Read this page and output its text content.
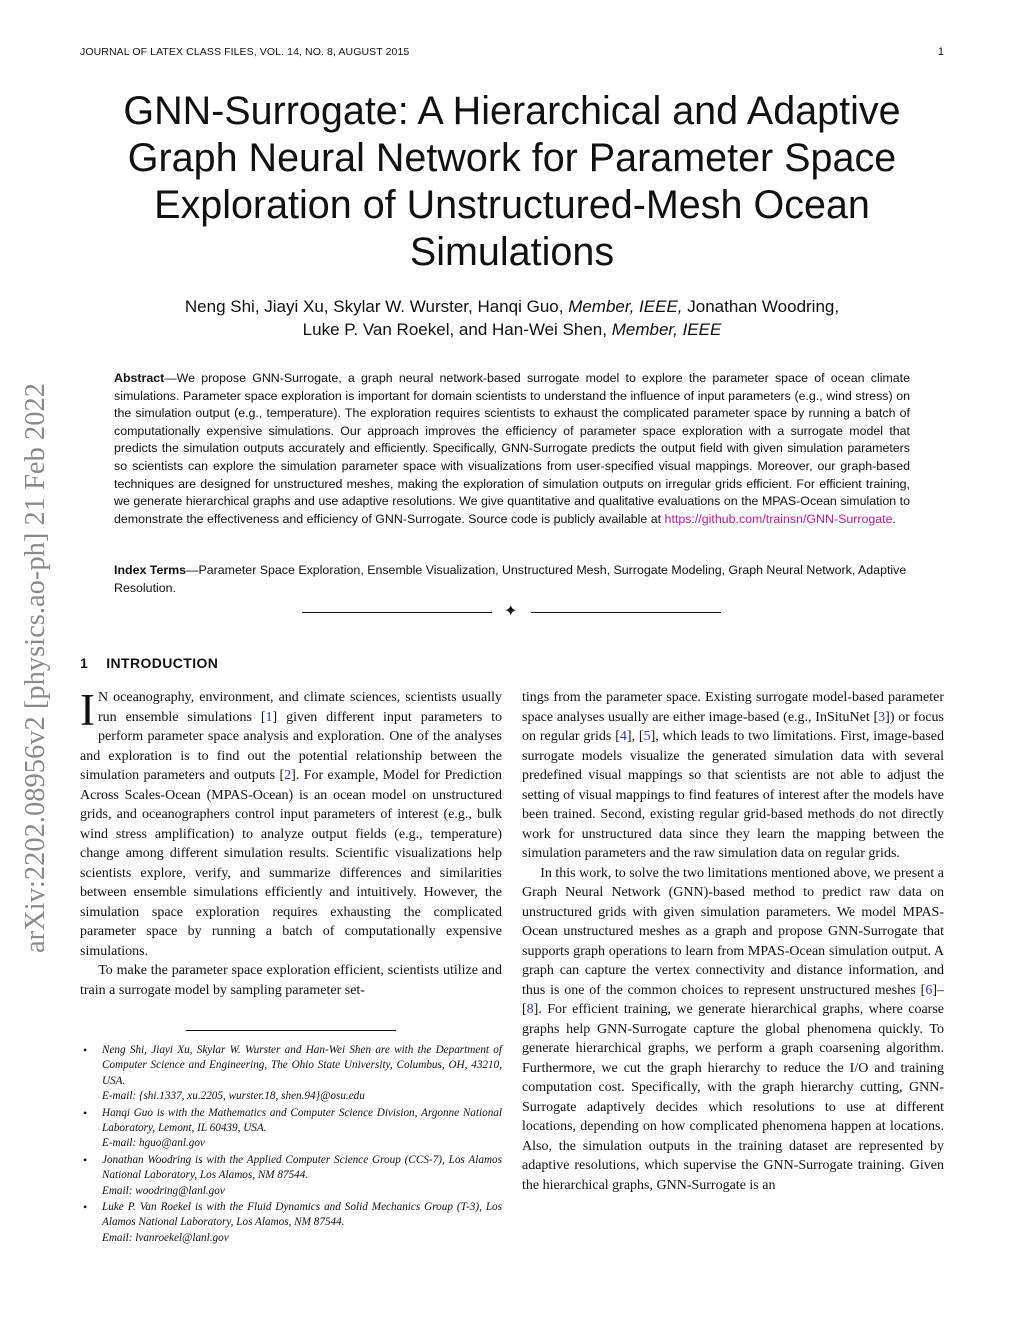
JOURNAL OF LATEX CLASS FILES, VOL. 14, NO. 8, AUGUST 2015	1
arXiv:2202.08956v2 [physics.ao-ph] 21 Feb 2022
GNN-Surrogate: A Hierarchical and Adaptive Graph Neural Network for Parameter Space Exploration of Unstructured-Mesh Ocean Simulations
Neng Shi, Jiayi Xu, Skylar W. Wurster, Hanqi Guo, Member, IEEE, Jonathan Woodring,
Luke P. Van Roekel, and Han-Wei Shen, Member, IEEE
Abstract—We propose GNN-Surrogate, a graph neural network-based surrogate model to explore the parameter space of ocean climate simulations. Parameter space exploration is important for domain scientists to understand the influence of input parameters (e.g., wind stress) on the simulation output (e.g., temperature). The exploration requires scientists to exhaust the complicated parameter space by running a batch of computationally expensive simulations. Our approach improves the efficiency of parameter space exploration with a surrogate model that predicts the simulation outputs accurately and efficiently. Specifically, GNN-Surrogate predicts the output field with given simulation parameters so scientists can explore the simulation parameter space with visualizations from user-specified visual mappings. Moreover, our graph-based techniques are designed for unstructured meshes, making the exploration of simulation outputs on irregular grids efficient. For efficient training, we generate hierarchical graphs and use adaptive resolutions. We give quantitative and qualitative evaluations on the MPAS-Ocean simulation to demonstrate the effectiveness and efficiency of GNN-Surrogate. Source code is publicly available at https://github.com/trainsn/GNN-Surrogate.
Index Terms—Parameter Space Exploration, Ensemble Visualization, Unstructured Mesh, Surrogate Modeling, Graph Neural Network, Adaptive Resolution.
✦
1 INTRODUCTION

I N oceanography, environment, and climate sciences, scientists usually run ensemble simulations [1] given different input parameters to perform parameter space analysis and exploration. One of the analyses and exploration is to find out the potential relationship between the simulation parameters and outputs [2]. For example, Model for Prediction Across Scales-Ocean (MPAS-Ocean) is an ocean model on unstructured grids, and oceanographers control input parameters of interest (e.g., bulk wind stress amplification) to analyze output fields (e.g., temperature) change among different simulation results. Scientific visualizations help scientists explore, verify, and summarize differences and similarities between ensemble simulations efficiently and intuitively. However, the simulation space exploration requires exhausting the complicated parameter space by running a batch of computationally expensive simulations.

To make the parameter space exploration efficient, scientists utilize and train a surrogate model by sampling parameter set-

• Neng Shi, Jiayi Xu, Skylar W. Wurster and Han-Wei Shen are with the Department of Computer Science and Engineering, The Ohio State University, Columbus, OH, 43210, USA.
E-mail: {shi.1337, xu.2205, wurster.18, shen.94}@osu.edu
• Hanqi Guo is with the Mathematics and Computer Science Division, Argonne National Laboratory, Lemont, IL 60439, USA.
E-mail: hguo@anl.gov
• Jonathan Woodring is with the Applied Computer Science Group (CCS-7), Los Alamos National Laboratory, Los Alamos, NM 87544.
Email: woodring@lanl.gov
• Luke P. Van Roekel is with the Fluid Dynamics and Solid Mechanics Group (T-3), Los Alamos National Laboratory, Los Alamos, NM 87544.
Email: lvanroekel@lanl.gov

tings from the parameter space. Existing surrogate model-based parameter space analyses usually are either image-based (e.g., InSituNet [3]) or focus on regular grids [4], [5], which leads to two limitations. First, image-based surrogate models visualize the generated simulation data with several predefined visual mappings so that scientists are not able to adjust the setting of visual mappings to find features of interest after the models have been trained. Second, existing regular grid-based methods do not directly work for unstructured data since they learn the mapping between the simulation parameters and the raw simulation data on regular grids.

In this work, to solve the two limitations mentioned above, we present a Graph Neural Network (GNN)-based method to predict raw data on unstructured grids with given simulation parameters. We model MPAS-Ocean unstructured meshes as a graph and propose GNN-Surrogate that supports graph operations to learn from MPAS-Ocean simulation output. A graph can capture the vertex connectivity and distance information, and thus is one of the common choices to represent unstructured meshes [6]–[8]. For efficient training, we generate hierarchical graphs, where coarse graphs help GNN-Surrogate capture the global phenomena quickly. To generate hierarchical graphs, we perform a graph coarsening algorithm. Furthermore, we cut the graph hierarchy to reduce the I/O and training computation cost. Specifically, with the graph hierarchy cutting, GNN-Surrogate adaptively decides which resolutions to use at different locations, depending on how complicated phenomena happen at locations. Also, the simulation outputs in the training dataset are represented by adaptive resolutions, which supervise the GNN-Surrogate training. Given the hierarchical graphs, GNN-Surrogate is an
